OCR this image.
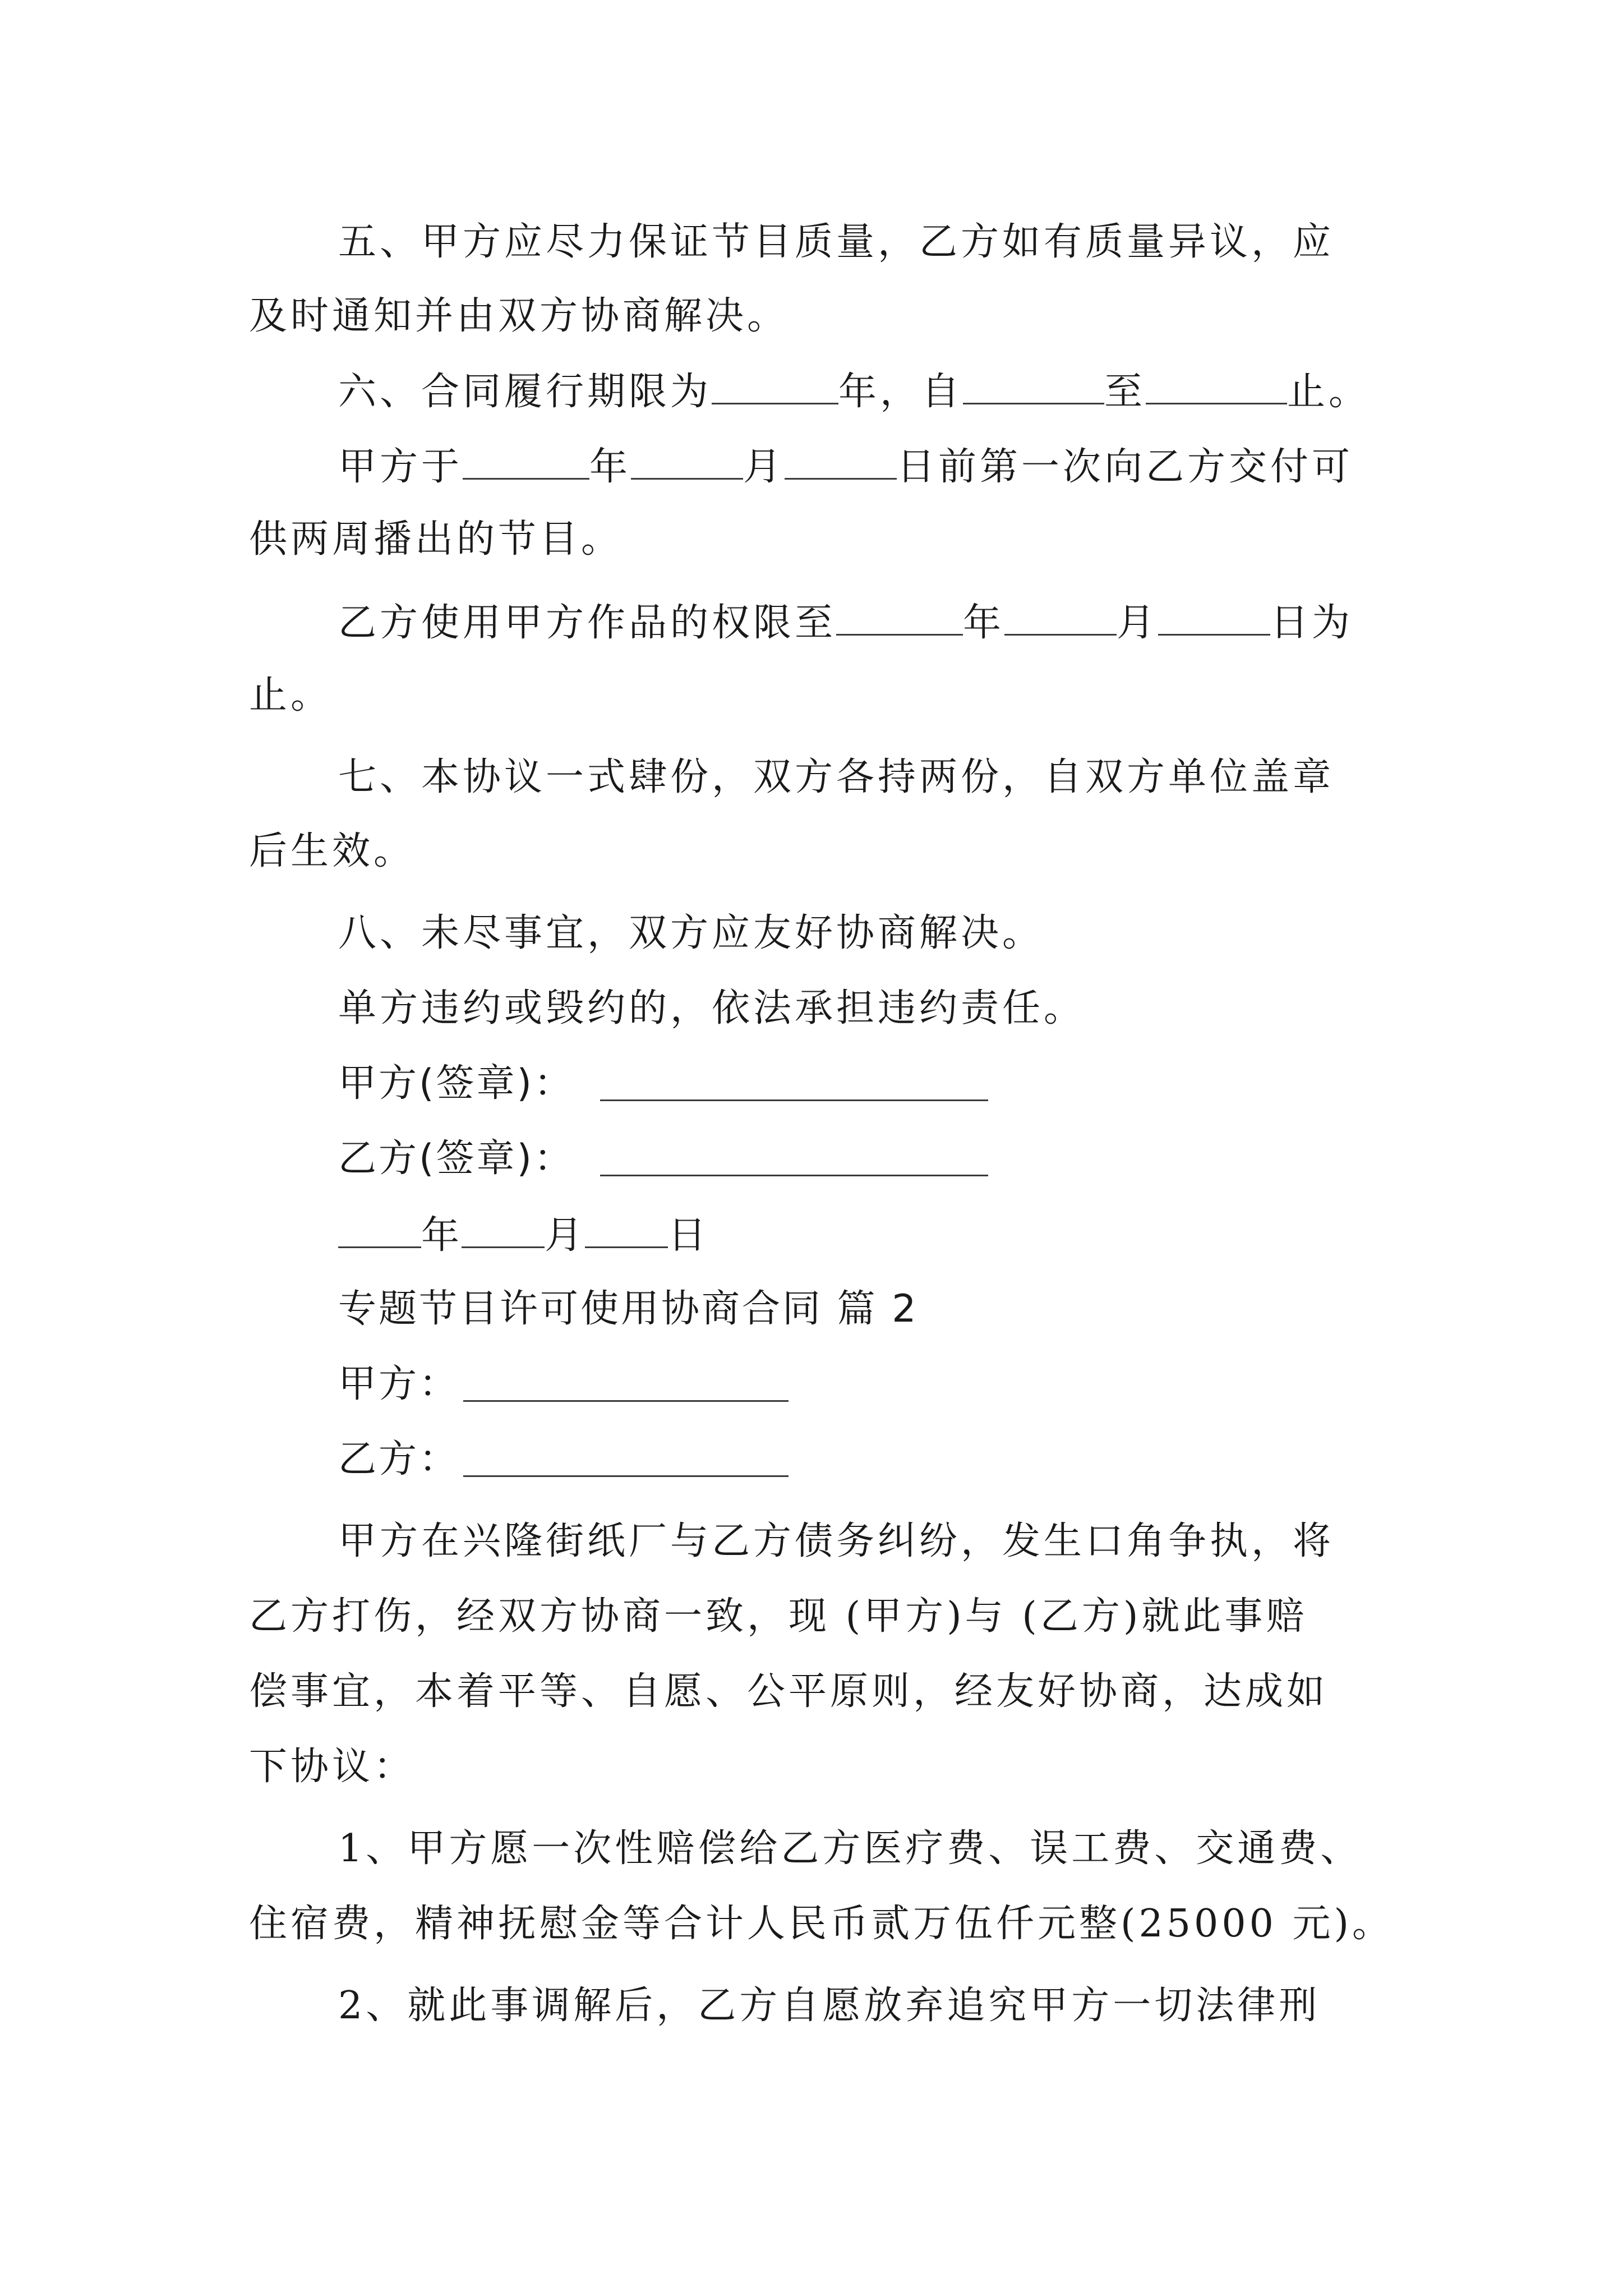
五、甲方应尽力保证节目质量，乙方如有质量异议，应
及时通知并由双方协商解决。
六、合同履行期限为	年，自	至	止。
甲方于	年	月	日前第一次向乙方交付可
供两周播出的节目。
乙方使用甲方作品的权限至	年	月	日为
止。
七、本协议一式肆份，双方各持两份，自双方单位盖章
后生效。
八、未尽事宜，双方应友好协商解决。
单方违约或毁约的，依法承担违约责任。
甲方(签章)：
乙方(签章)：
年 月 日
专题节目许可使用协商合同 篇 2
甲方：
乙方：
甲方在兴隆街纸厂与乙方债务纠纷，发生口角争执，将
乙方打伤，经双方协商一致，现 (甲方)与 (乙方)就此事赔
偿事宜，本着平等、自愿、公平原则，经友好协商，达成如
下协议：
1、甲方愿一次性赔偿给乙方医疗费、误工费、交通费、
住宿费，精神抚慰金等合计人民币贰万伍仟元整(25000 元)。
2、就此事调解后，乙方自愿放弃追究甲方一切法律刑
